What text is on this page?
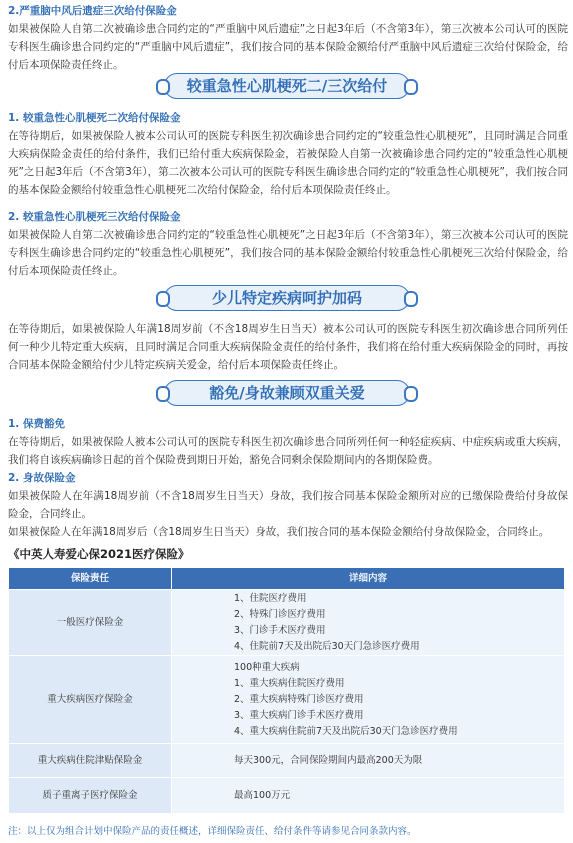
2.严重脑中风后遗症三次给付保险金

如果被保险人自第二次被确诊患合同约定的“严重脑中风后遗症”之日起3年后（不含第3年），第三次被本公司认可的医院专科医生确诊患合同约定的“严重脑中风后遗症”，我们按合同的基本保险金额给付严重脑中风后遗症三次给付保险金，给付后本项保险责任终止。

较重急性心肌梗死二/三次给付
1. 较重急性心肌梗死二次给付保险金

在等待期后，如果被保险人被本公司认可的医院专科医生初次确诊患合同约定的“较重急性心肌梗死”，且同时满足合同重大疾病保险金责任的给付条件，我们已给付重大疾病保险金，若被保险人自第一次被确诊患合同约定的“较重急性心肌梗死”之日起3年后（不含第3年），第二次被本公司认可的医院专科医生确诊患合同约定的“较重急性心肌梗死”，我们按合同的基本保险金额给付较重急性心肌梗死二次给付保险金，给付后本项保险责任终止。

2. 较重急性心肌梗死三次给付保险金

如果被保险人自第二次被确诊患合同约定的“较重急性心肌梗死”之日起3年后（不含第3年），第三次被本公司认可的医院专科医生确诊患合同约定的“较重急性心肌梗死”，我们按合同的基本保险金额给付较重急性心肌梗死三次给付保险金，给付后本项保险责任终止。

少儿特定疾病呵护加码

在等待期后，如果被保险人年满18周岁前（不含18周岁生日当天）被本公司认可的医院专科医生初次确诊患合同所列任何一种少儿特定重大疾病，且同时满足合同重大疾病保险金责任的给付条件，我们将在给付重大疾病保险金的同时，再按合同基本保险金额给付少儿特定疾病关爱金，给付后本项保险责任终止。

豁免/身故兼顾双重关爱
1. 保费豁免

在等待期后，如果被保险人被本公司认可的医院专科医生初次确诊患合同所列任何一种轻症疾病、中症疾病或重大疾病，我们将自该疾病确诊日起的首个保险费到期日开始，豁免合同剩余保险期间内的各期保险费。

2. 身故保险金

如果被保险人在年满18周岁前（不含18周岁生日当天）身故，我们按合同基本保险金额所对应的已缴保险费给付身故保险金，合同终止。

如果被保险人在年满18周岁后（含18周岁生日当天）身故，我们按合同的基本保险金额给付身故保险金，合同终止。

《中英人寿爱心保2021医疗保险》
保险责任	详细内容
一般医疗保险金	1、住院医疗费用
2、特殊门诊医疗费用
3、门诊手术医疗费用
4、住院前7天及出院后30天门急诊医疗费用

重大疾病医疗保险金	100种重大疾病
1、重大疾病住院医疗费用
2、重大疾病特殊门诊医疗费用
3、重大疾病门诊手术医疗费用
4、重大疾病住院前7天及出院后30天门急诊医疗费用

重大疾病住院津贴保险金	每天300元，合同保险期间内最高200天为限

质子重离子医疗保险金	最高100万元
注：以上仅为组合计划中保险产品的责任概述，详细保险责任、给付条件等请参见合同条款内容。
